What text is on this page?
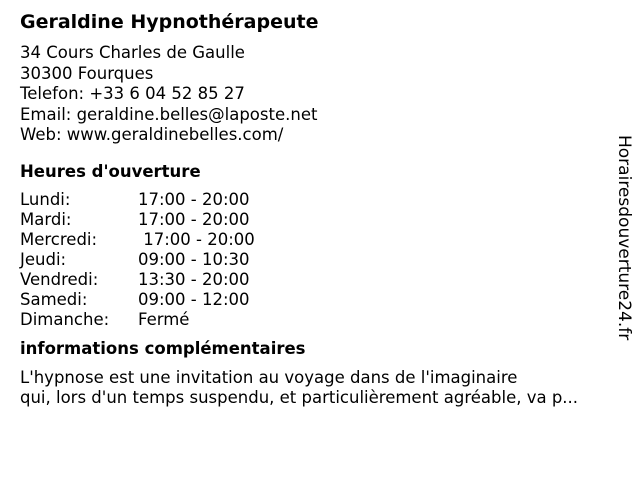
Geraldine Hypnothérapeute
34 Cours Charles de Gaulle
30300 Fourques
Telefon: +33 6 04 52 85 27
Email: geraldine.belles@laposte.net
Web: www.geraldinebelles.com/
Heures d'ouverture
Lundi:	17:00 - 20:00
Mardi:	17:00 - 20:00
Mercredi:	17:00 - 20:00
Jeudi:	09:00 - 10:30
Vendredi:	13:30 - 20:00
Samedi:	09:00 - 12:00
Dimanche:	Fermé
informations complémentaires
L'hypnose est une invitation au voyage dans de l'imaginaire
qui, lors d'un temps suspendu, et particulièrement agréable, va p...
Horairesdouverture24.fr
